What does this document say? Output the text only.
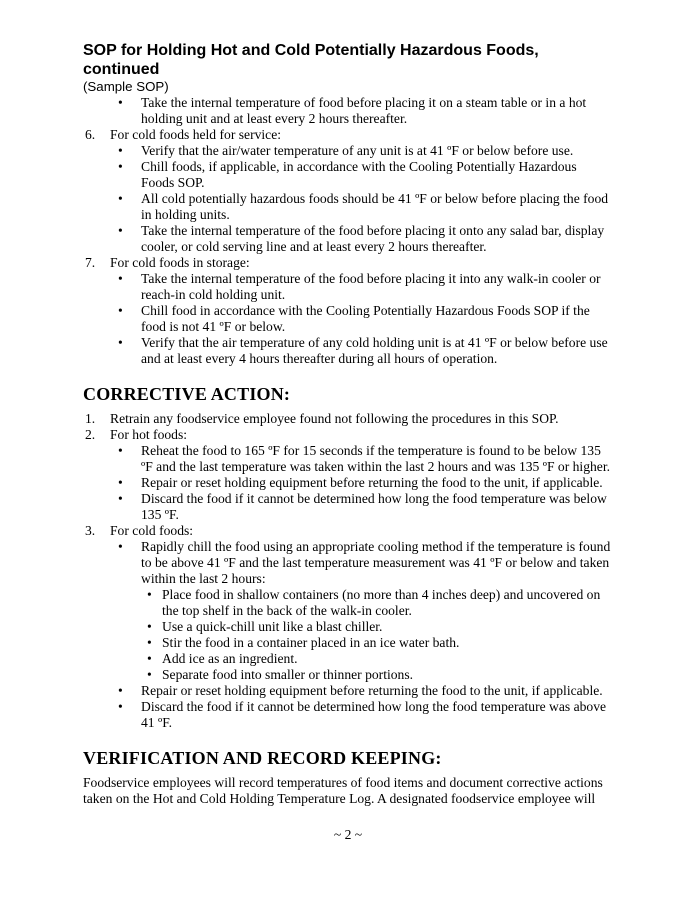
SOP for Holding Hot and Cold Potentially Hazardous Foods, continued
(Sample SOP)
• Take the internal temperature of food before placing it on a steam table or in a hot holding unit and at least every 2 hours thereafter.
6. For cold foods held for service:
• Verify that the air/water temperature of any unit is at 41 ºF or below before use.
• Chill foods, if applicable, in accordance with the Cooling Potentially Hazardous Foods SOP.
• All cold potentially hazardous foods should be 41 ºF or below before placing the food in holding units.
• Take the internal temperature of the food before placing it onto any salad bar, display cooler, or cold serving line and at least every 2 hours thereafter.
7. For cold foods in storage:
• Take the internal temperature of the food before placing it into any walk-in cooler or reach-in cold holding unit.
• Chill food in accordance with the Cooling Potentially Hazardous Foods SOP if the food is not 41 ºF or below.
• Verify that the air temperature of any cold holding unit is at 41 ºF or below before use and at least every 4 hours thereafter during all hours of operation.
CORRECTIVE ACTION:
1. Retrain any foodservice employee found not following the procedures in this SOP.
2. For hot foods:
• Reheat the food to 165 ºF for 15 seconds if the temperature is found to be below 135 ºF and the last temperature was taken within the last 2 hours and was 135 ºF or higher.
• Repair or reset holding equipment before returning the food to the unit, if applicable.
• Discard the food if it cannot be determined how long the food temperature was below 135 ºF.
3. For cold foods:
• Rapidly chill the food using an appropriate cooling method if the temperature is found to be above 41 ºF and the last temperature measurement was 41 ºF or below and taken within the last 2 hours:
• Place food in shallow containers (no more than 4 inches deep) and uncovered on the top shelf in the back of the walk-in cooler.
• Use a quick-chill unit like a blast chiller.
• Stir the food in a container placed in an ice water bath.
• Add ice as an ingredient.
• Separate food into smaller or thinner portions.
• Repair or reset holding equipment before returning the food to the unit, if applicable.
• Discard the food if it cannot be determined how long the food temperature was above 41 ºF.
VERIFICATION AND RECORD KEEPING:
Foodservice employees will record temperatures of food items and document corrective actions taken on the Hot and Cold Holding Temperature Log. A designated foodservice employee will
~ 2 ~
